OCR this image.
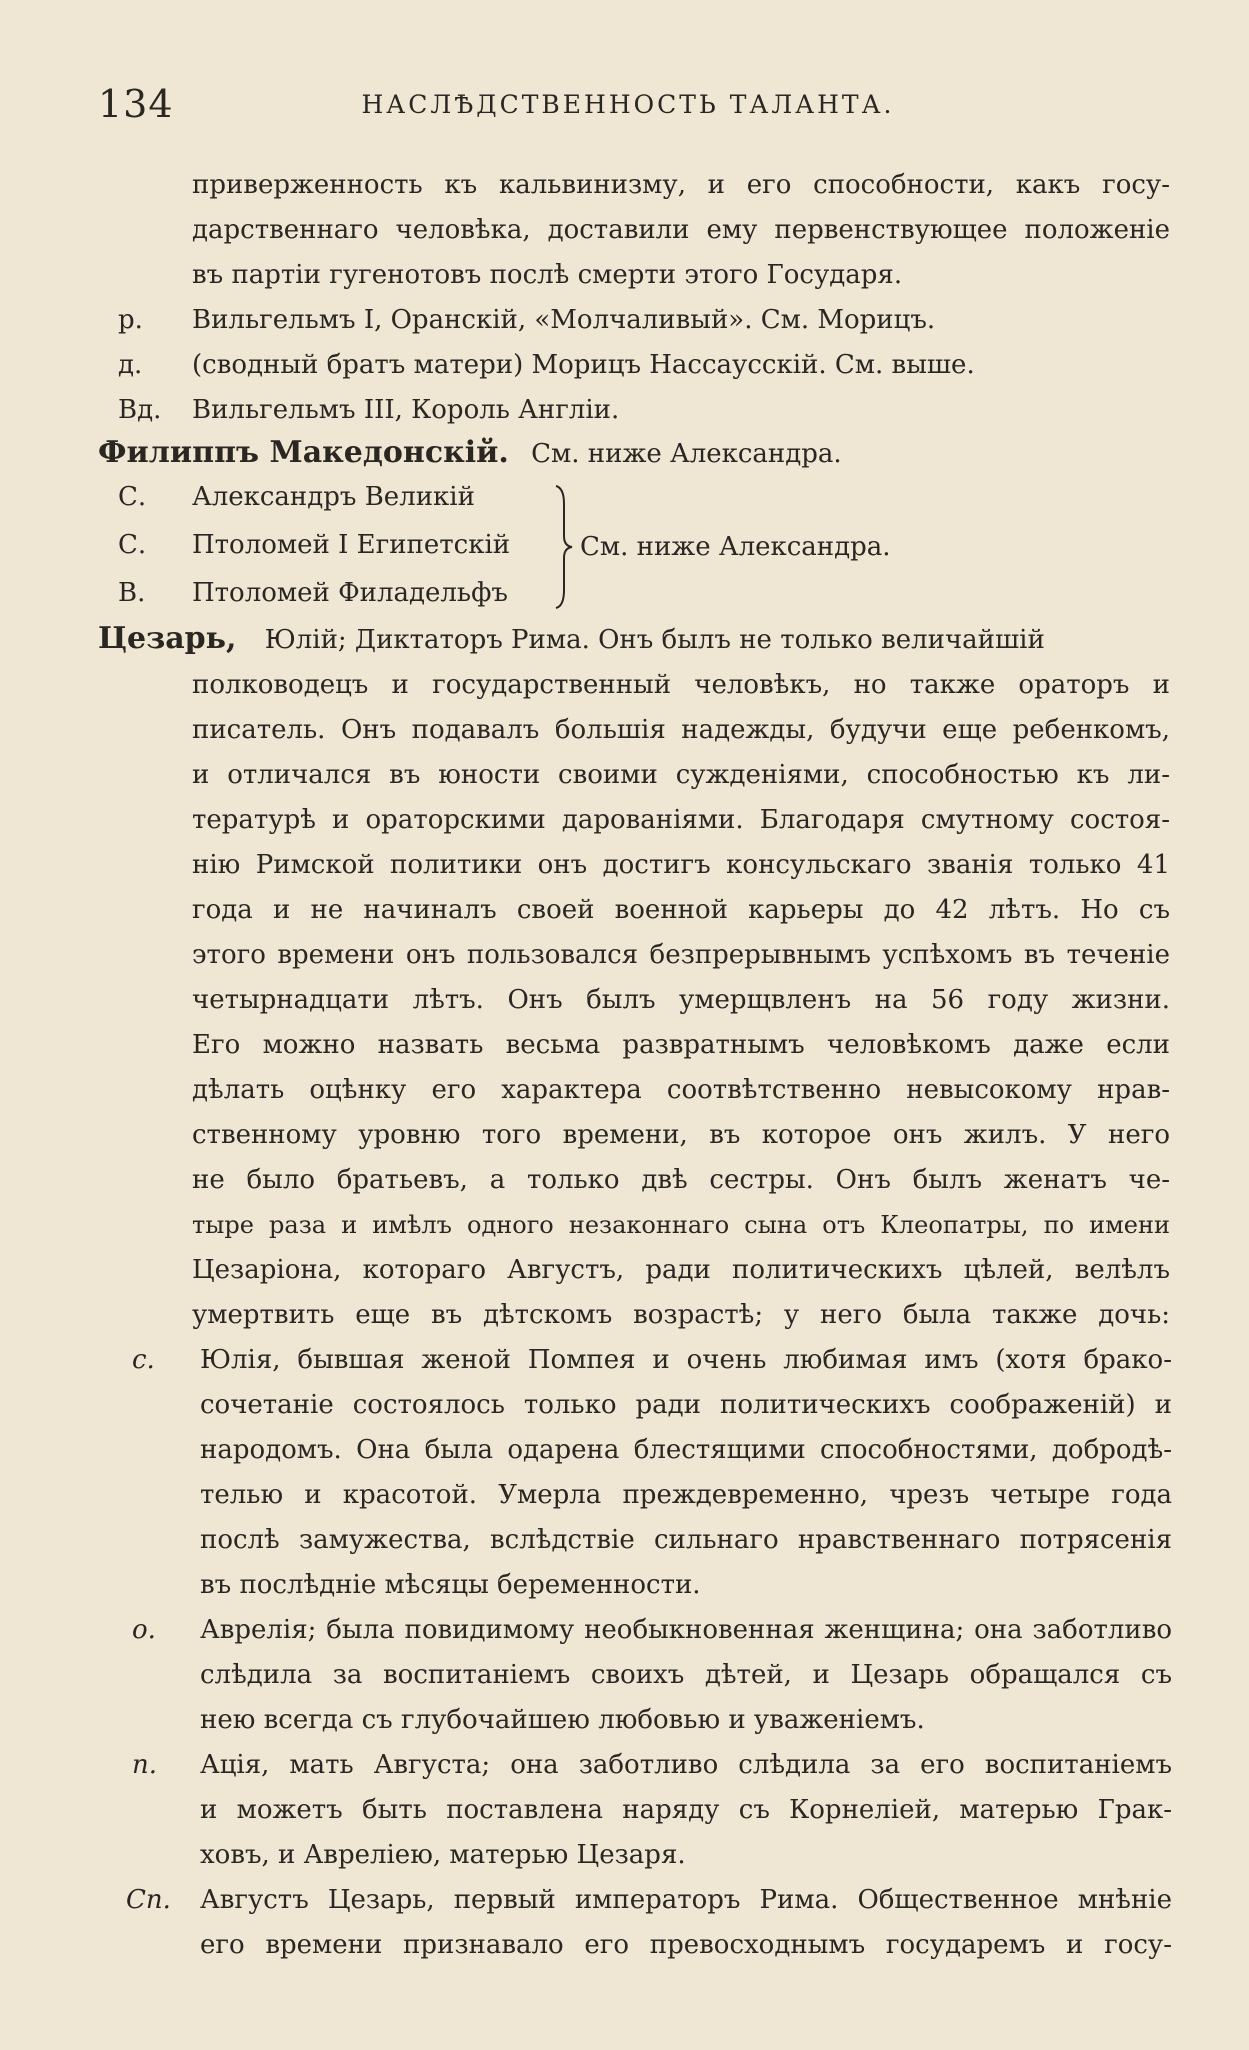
134	НАСЛѢДСТВЕННОСТЬ ТАЛАНТА.
приверженность къ кальвинизму, и его способности, какъ госу-
дарственнаго человѣка, доставили ему первенствующее положеніе
въ партіи гугенотовъ послѣ смерти этого Государя.
р.	Вильгельмъ I, Оранскій, «Молчаливый». См. Морицъ.
д.	(сводный братъ матери) Морицъ Нассаусскій. См. выше.
Вд.	Вильгельмъ III, Король Англіи.
Филиппъ Македонскій. См. ниже Александра.
С.	Александръ Великій
С.	Птоломей I Египетскій
В.	Птоломей Филадельфъ
См. ниже Александра.
Цезарь, Юлій; Диктаторъ Рима. Онъ былъ не только величайшій
полководецъ и государственный человѣкъ, но также ораторъ и
писатель. Онъ подавалъ большія надежды, будучи еще ребенкомъ,
и отличался въ юности своими сужденіями, способностью къ ли-
тературѣ и ораторскими дарованіями. Благодаря смутному состоя-
нію Римской политики онъ достигъ консульскаго званія только 41
года и не начиналъ своей военной карьеры до 42 лѣтъ. Но съ
этого времени онъ пользовался безпрерывнымъ успѣхомъ въ теченіе
четырнадцати лѣтъ. Онъ былъ умерщвленъ на 56 году жизни.
Его можно назвать весьма развратнымъ человѣкомъ даже если
дѣлать оцѣнку его характера соотвѣтственно невысокому нрав-
ственному уровню того времени, въ которое онъ жилъ. У него
не было братьевъ, а только двѣ сестры. Онъ былъ женатъ че-
тыре раза и имѣлъ одного незаконнаго сына отъ Клеопатры, по имени
Цезаріона, котораго Августъ, ради политическихъ цѣлей, велѣлъ
умертвить еще въ дѣтскомъ возрастѣ; у него была также дочь:
с.	Юлія, бывшая женой Помпея и очень любимая имъ (хотя бракo-
сочетаніе состоялось только ради политическихъ соображеній) и
народомъ. Она была одарена блестящими способностями, добродѣ-
телью и красотой. Умерла преждевременно, чрезъ четыре года
послѣ замужества, вслѣдствіе сильнаго нравственнаго потрясенія
въ послѣдніе мѣсяцы беременности.
о.	Аврелія; была повидимому необыкновенная женщина; она заботливо
слѣдила за воспитаніемъ своихъ дѣтей, и Цезарь обращался съ
нею всегда съ глубочайшею любовью и уваженіемъ.
п.	Ацiя, мать Августа; она заботливо слѣдила за его воспитаніемъ
и можетъ быть поставлена наряду съ Корнеліей, матерью Грак-
ховъ, и Авреліею, матерью Цезаря.
Сп.	Августъ Цезарь, первый императоръ Рима. Общественное мнѣніе
его времени признавало его превосходнымъ государемъ и госу-
